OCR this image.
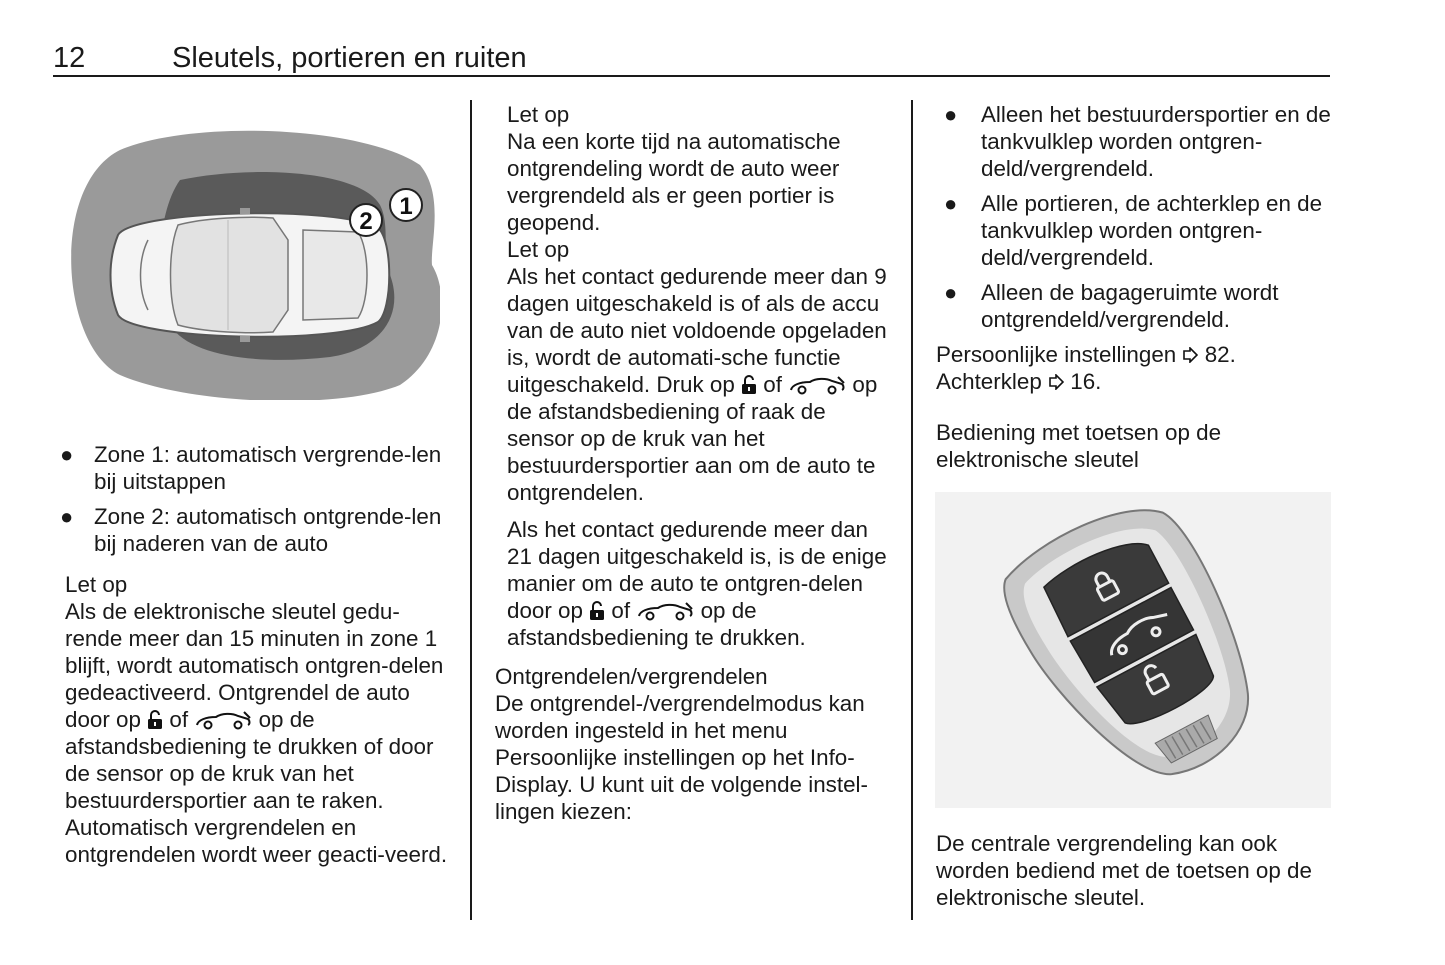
12	Sleutels, portieren en ruiten
2
1
● Zone 1: automatisch vergrende-len bij uitstappen
● Zone 2: automatisch ontgrende-len bij naderen van de auto
Let op

Als de elektronische sleutel gedu-rende meer dan 15 minuten in zone 1 blijft, wordt automatisch ontgren-delen gedeactiveerd. Ontgrendel de auto door op of	op de afstandsbediening te drukken of door de sensor op de kruk van het bestuurdersportier aan te raken. Automatisch vergrendelen en ontgrendelen wordt weer geacti-veerd.

Let op

Na een korte tijd na automatische ontgrendeling wordt de auto weer vergrendeld als er geen portier is geopend.

Let op

Als het contact gedurende meer dan 9 dagen uitgeschakeld is of als de accu van de auto niet voldoende opgeladen is, wordt de automati-sche functie uitgeschakeld. Druk op of	op de afstandsbediening of raak de sensor op de kruk van het bestuurdersportier aan om de auto te ontgrendelen.

Als het contact gedurende meer dan 21 dagen uitgeschakeld is, is de enige manier om de auto te ontgren-delen door op of	op de afstandsbediening te drukken.

Ontgrendelen/vergrendelen

De ontgrendel-/vergrendelmodus kan worden ingesteld in het menu Persoonlijke instellingen op het Info-Display. U kunt uit de volgende instel-lingen kiezen:

● Alleen het bestuurdersportier en de tankvulklep worden ontgren-deld/vergrendeld.
● Alle portieren, de achterklep en de tankvulklep worden ontgren-deld/vergrendeld.
● Alleen de bagageruimte wordt ontgrendeld/vergrendeld.

Persoonlijke instellingen 82.

Achterklep 16.

Bediening met toetsen op de elektronische sleutel

De centrale vergrendeling kan ook worden bediend met de toetsen op de elektronische sleutel.
